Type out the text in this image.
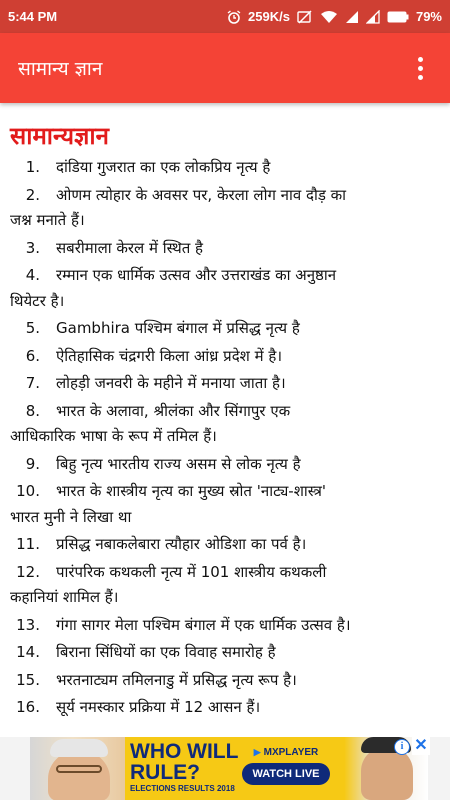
5:44 PM	259K/s	79%
सामान्य ज्ञान
सामान्यज्ञान
1.	दांडिया गुजरात का एक लोकप्रिय नृत्य है
2.	ओणम त्योहार के अवसर पर, केरला लोग नाव दौड़ का
जश्न मनाते हैं।
3.	सबरीमाला केरल में स्थित है
4.	रम्मान एक धार्मिक उत्सव और उत्तराखंड का अनुष्ठान
थियेटर है।
5.	Gambhira पश्चिम बंगाल में प्रसिद्ध नृत्य है
6.	ऐतिहासिक चंद्रगरी किला आंध्र प्रदेश में है।
7.	लोहड़ी जनवरी के महीने में मनाया जाता है।
8.	भारत के अलावा, श्रीलंका और सिंगापुर एक
आधिकारिक भाषा के रूप में तमिल हैं।
9.	बिहु नृत्य भारतीय राज्य असम से लोक नृत्य है
10.	भारत के शास्त्रीय नृत्य का मुख्य स्रोत 'नाट्य-शास्त्र'
भारत मुनी ने लिखा था
11.	प्रसिद्ध नबाकलेबारा त्यौहार ओडिशा का पर्व है।
12.	पारंपरिक कथकली नृत्य में 101 शास्त्रीय कथकली
कहानियां शामिल हैं।
13.	गंगा सागर मेला पश्चिम बंगाल में एक धार्मिक उत्सव है।
14.	बिराना सिंधियों का एक विवाह समारोह है
15.	भरतनाट्यम तमिलनाडु में प्रसिद्ध नृत्य रूप है।
16.	सूर्य नमस्कार प्रक्रिया में 12 आसन हैं।
WHO WILL
RULE?
ELECTIONS RESULTS 2018
▶ MXPLAYER
WATCH LIVE
i ✕
